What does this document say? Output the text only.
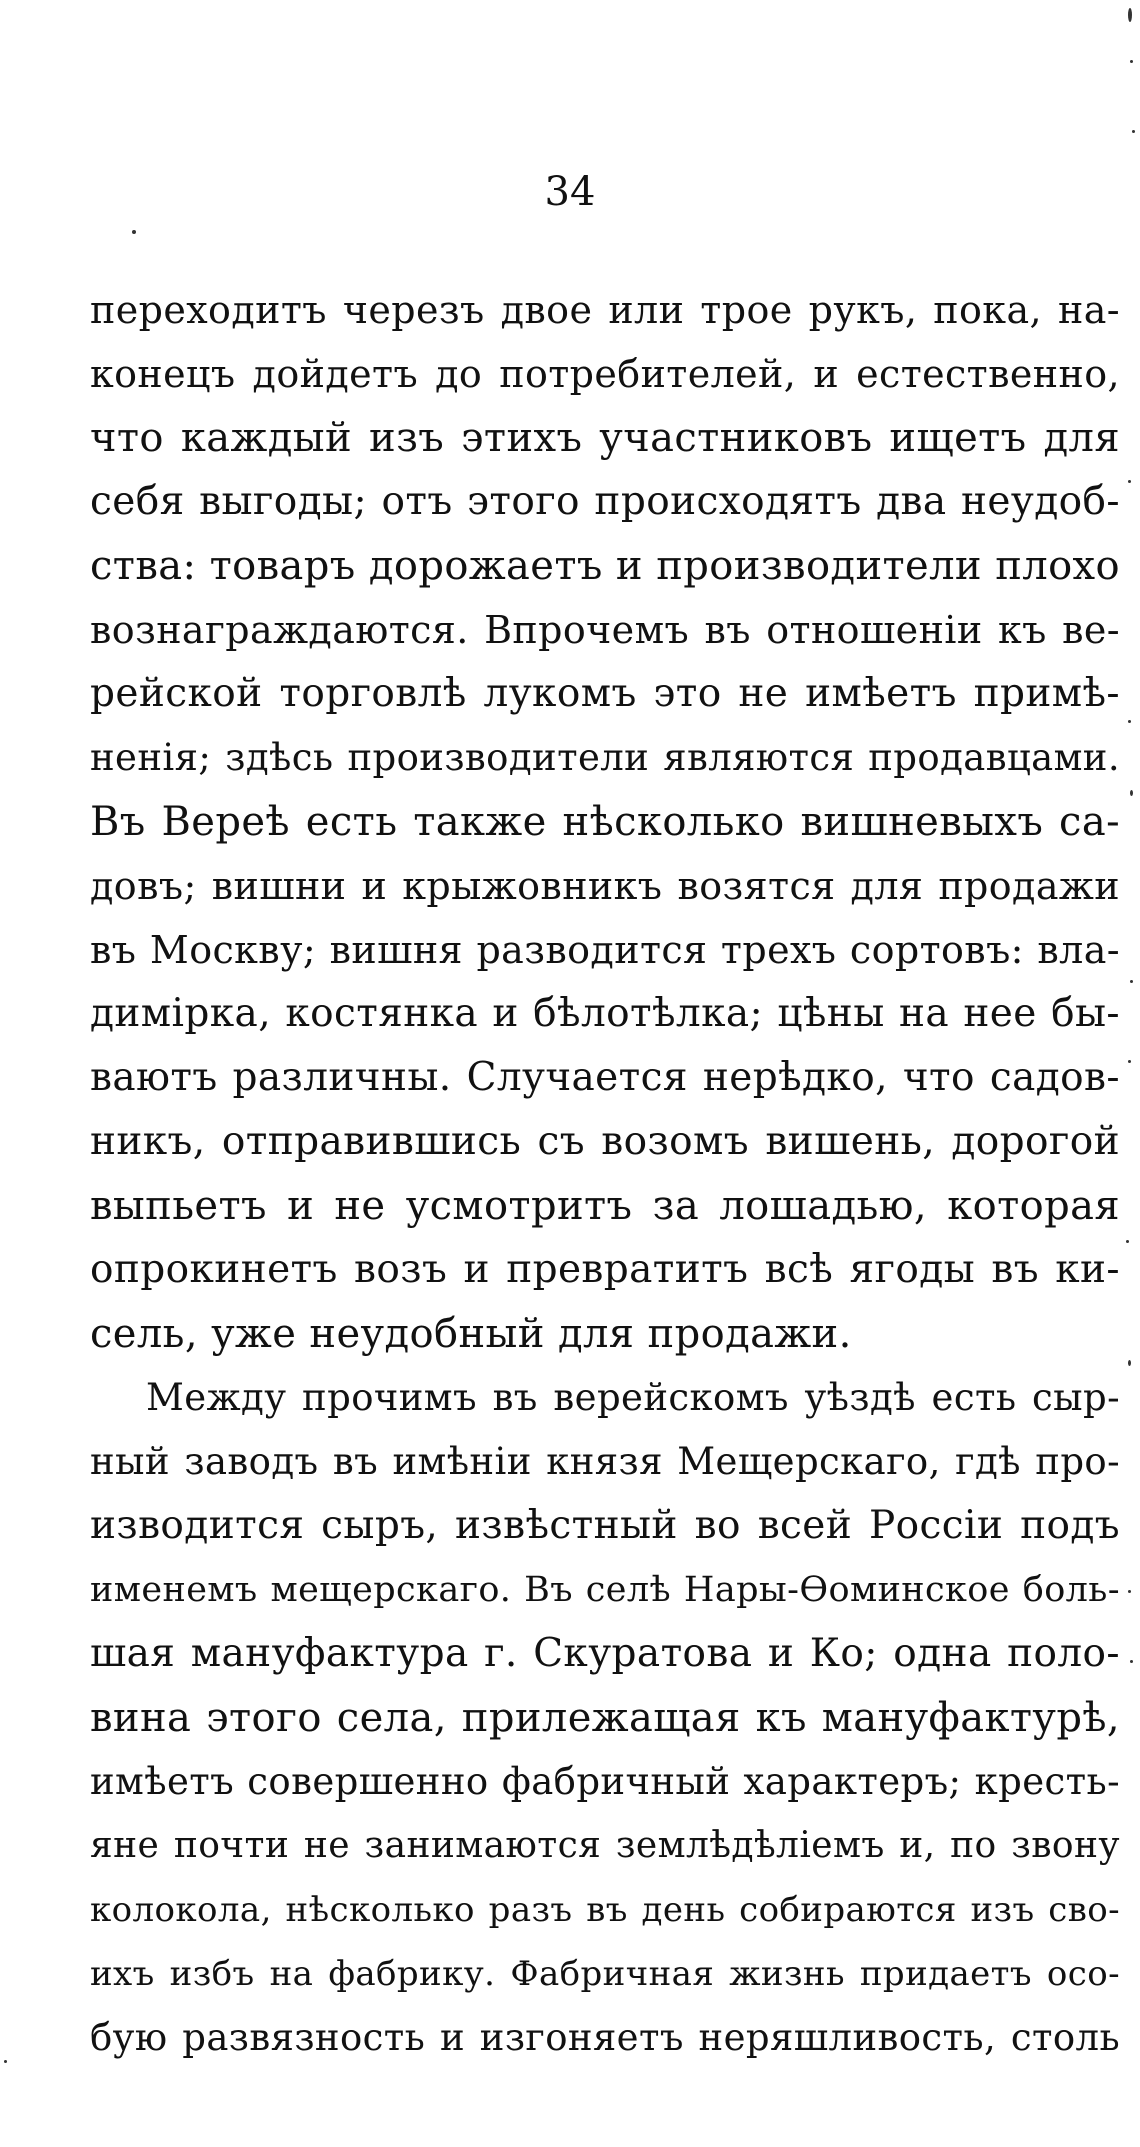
34
переходитъ черезъ двое или трое рукъ, пока, на-
конецъ дойдетъ до потребителей, и естественно,
что каждый изъ этихъ участниковъ ищетъ для
себя выгоды; отъ этого происходятъ два неудоб-
ства: товаръ дорожаетъ и производители плохо
вознаграждаются. Впрочемъ въ отношенiи къ ве-
рейской торговлѣ лукомъ это не имѣетъ примѣ-
ненiя; здѣсь производители являются продавцами.
Въ Вереѣ есть также нѣсколько вишневыхъ са-
довъ; вишни и крыжовникъ возятся для продажи
въ Москву; вишня разводится трехъ сортовъ: вла-
димiрка, костянка и бѣлотѣлка; цѣны на нее бы-
ваютъ различны. Случается нерѣдко, что садов-
никъ, отправившись съ возомъ вишень, дорогой
выпьетъ и не усмотритъ за лошадью, которая
опрокинетъ возъ и превратитъ всѣ ягоды въ ки-
сель, уже неудобный для продажи.
Между прочимъ въ верейскомъ уѣздѣ есть сыр-
ный заводъ въ имѣнiи князя Мещерскаго, гдѣ про-
изводится сыръ, извѣстный во всей Россiи подъ
именемъ мещерскаго. Въ селѣ Нары-Ѳоминское боль-
шая мануфактура г. Скуратова и Ко; одна поло-
вина этого села, прилежащая къ мануфактурѣ,
имѣетъ совершенно фабричный характеръ; кресть-
яне почти не занимаются землѣдѣлiемъ и, по звону
колокола, нѣсколько разъ въ день собираются изъ сво-
ихъ избъ на фабрику. Фабричная жизнь придаетъ осо-
бую развязность и изгоняетъ неряшливость, столь
